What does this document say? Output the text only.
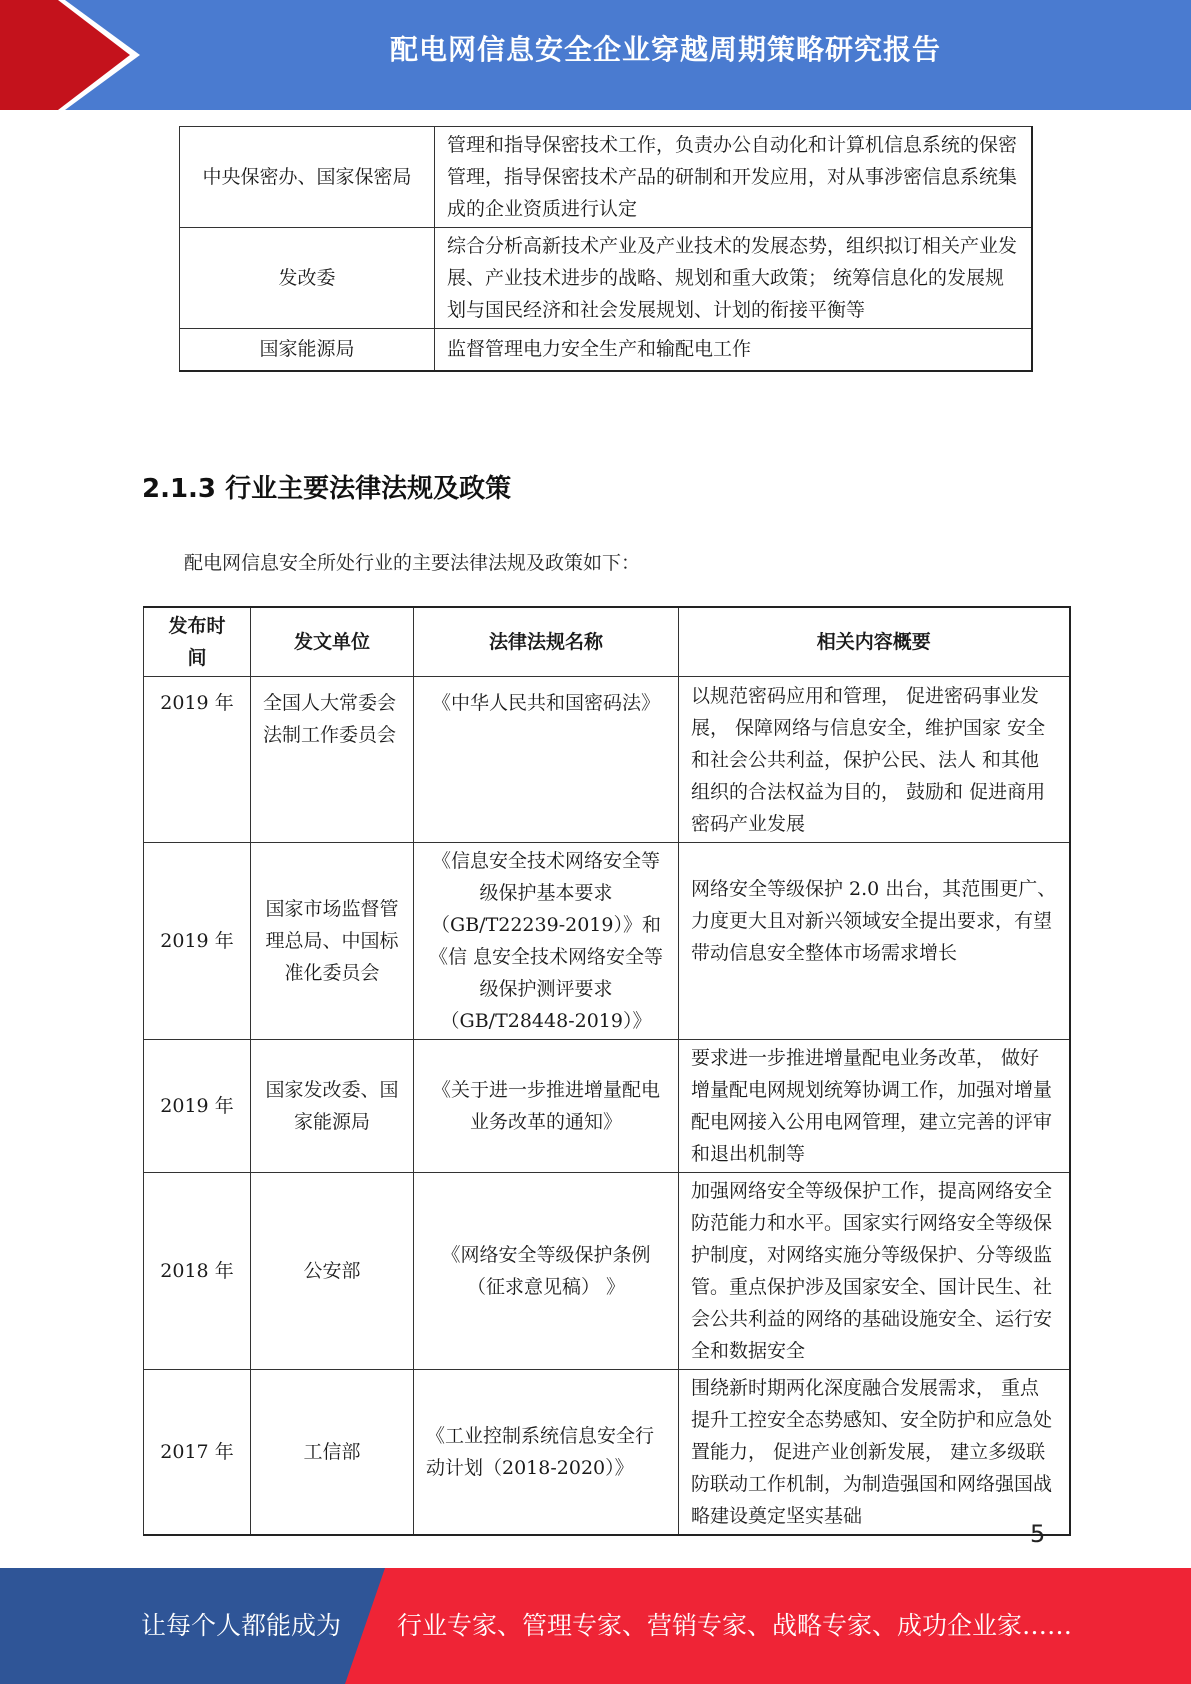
配电网信息安全企业穿越周期策略研究报告
中央保密办、国家保密局	管理和指导保密技术工作，负责办公自动化和计算机信息系统的保密管理，指导保密技术产品的研制和开发应用，对从事涉密信息系统集成的企业资质进行认定
发改委	综合分析高新技术产业及产业技术的发展态势，组织拟订相关产业发展、产业技术进步的战略、规划和重大政策； 统筹信息化的发展规划与国民经济和社会发展规划、计划的衔接平衡等
国家能源局	监督管理电力安全生产和输配电工作
2.1.3 行业主要法律法规及政策
配电网信息安全所处行业的主要法律法规及政策如下：
发布时间	发文单位	法律法规名称	相关内容概要
2019 年	全国人大常委会法制工作委员会	《中华人民共和国密码法》	以规范密码应用和管理， 促进密码事业发展， 保障网络与信息安全，维护国家 安全和社会公共利益，保护公民、法人 和其他组织的合法权益为目的， 鼓励和 促进商用密码产业发展
2019 年	国家市场监督管理总局、中国标准化委员会	《信息安全技术网络安全等级保护基本要求（GB/T22239-2019）》和《信 息安全技术网络安全等级保护测评要求（GB/T28448-2019）》	网络安全等级保护 2.0 出台，其范围更广、力度更大且对新兴领域安全提出要求，有望带动信息安全整体市场需求增长
2019 年	国家发改委、国家能源局	《关于进一步推进增量配电业务改革的通知》	要求进一步推进增量配电业务改革， 做好增量配电网规划统筹协调工作，加强对增量配电网接入公用电网管理，建立完善的评审和退出机制等
2018 年	公安部	《网络安全等级保护条例（征求意见稿） 》	加强网络安全等级保护工作，提高网络安全防范能力和水平。国家实行网络安全等级保护制度，对网络实施分等级保护、分等级监管。重点保护涉及国家安全、国计民生、社会公共利益的网络的基础设施安全、运行安全和数据安全
2017 年	工信部	《工业控制系统信息安全行动计划（2018-2020）》	围绕新时期两化深度融合发展需求， 重点提升工控安全态势感知、安全防护和应急处置能力， 促进产业创新发展， 建立多级联防联动工作机制，为制造强国和网络强国战略建设奠定坚实基础
5
让每个人都能成为 行业专家、管理专家、营销专家、战略专家、成功企业家……
